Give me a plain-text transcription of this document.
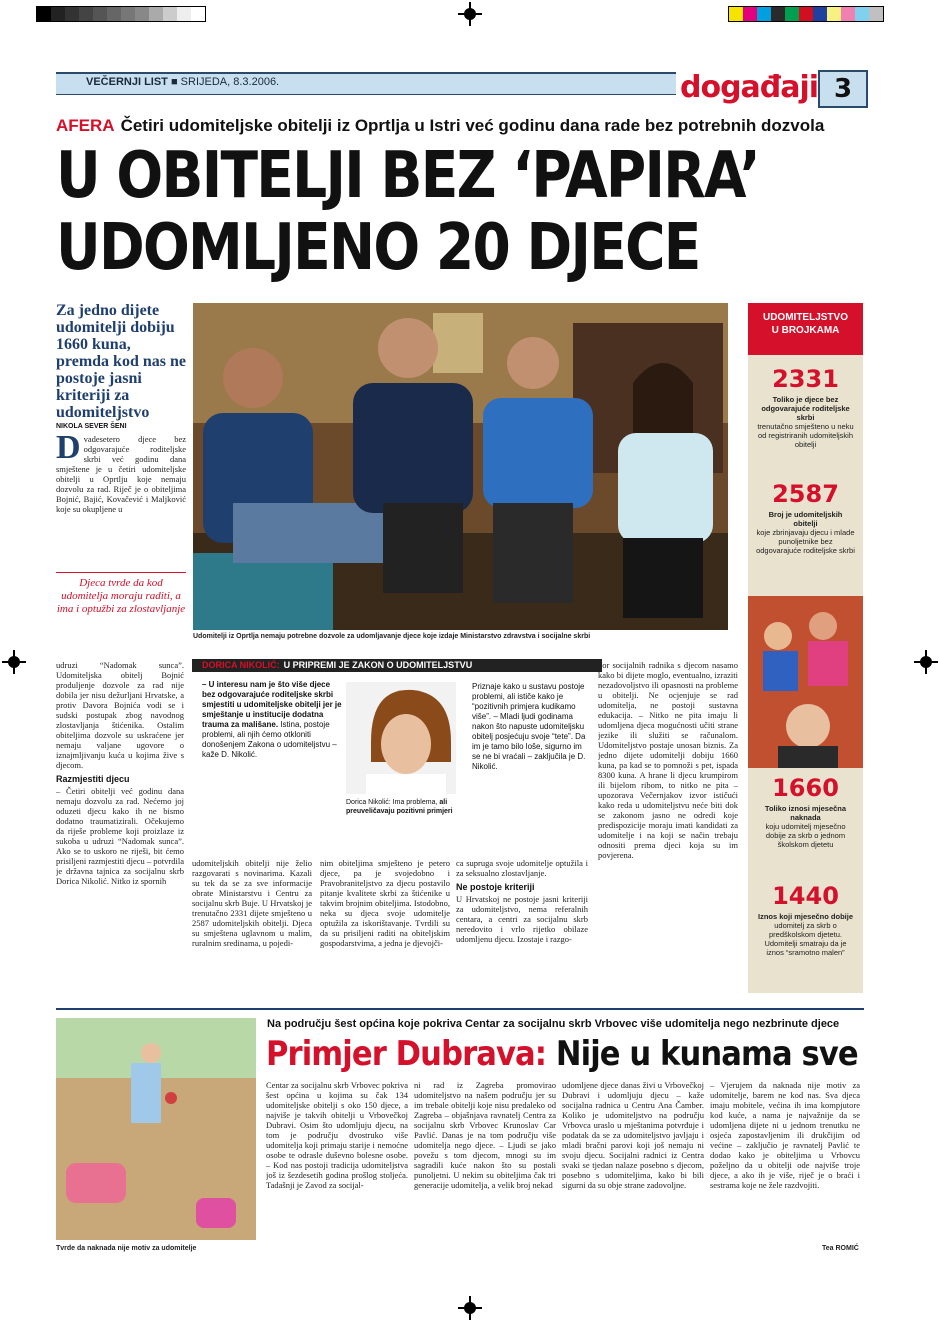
VEČERNJI LIST ■ SRIJEDA, 8.3.2006.	događaji 3
AFERA Četiri udomiteljske obitelji iz Oprtlja u Istri već godinu dana rade bez potrebnih dozvola
U OBITELJI BEZ ‘PAPIRA’
UDOMLJENO 20 DJECE
Za jedno dijete udomitelji dobiju 1660 kuna, premda kod nas ne postoje jasni kriteriji za udomiteljstvo
NIKOLA SEVER ŠENI
Dvadesetero djece bez odgovarajuće roditeljske skrbi već godinu dana smještene je u četiri udomiteljske obitelji u Oprtlju koje nemaju dozvolu za rad. Riječ je o obiteljima Bojnić, Bajić, Kovačević i Maljković koje su okupljene u
Djeca tvrde da kod udomitelja moraju raditi, a ima i optužbi za zlostavljanje
udruzi “Nadomak sunca”. Udomiteljska obitelj Bojnić produljenje dozvole za rad nije dobila jer nisu dežurljani Hrvatske, a protiv Davora Bojnića vodi se i sudski postupak zbog navodnog zlostavljanja štićenika. Ostalim obiteljima dozvole su uskraćene jer nemaju valjane ugovore o iznajmljivanju kuća u kojima žive s djecom.
Razmjestiti djecu
– Četiri obitelji već godinu dana nemaju dozvolu za rad. Nećemo joj oduzeti djecu kako ih ne bismo dodatno traumatizirali. Očekujemo da riješe probleme koji proizlaze iz sukoba u udruzi “Nadomak sunca”. Ako se to uskoro ne riješi, bit ćemo prisiljeni razmjestiti djecu – potvrdila je državna tajnica za socijalnu skrb Dorica Nikolić. Nitko iz spornih
Udomitelji iz Oprtlja nemaju potrebne dozvole za udomljavanje djece koje izdaje Ministarstvo zdravstva i socijalne skrbi
DORICA NIKOLIĆ: U PRIPREMI JE ZAKON O UDOMITELJSTVU
– U interesu nam je što više djece bez odgovarajuće roditeljske skrbi smjestiti u udomiteljske obitelji jer je smještanje u institucije dodatna trauma za mališane. Istina, postoje problemi, ali njih ćemo otkloniti donošenjem Zakona o udomiteljstvu – kaže D. Nikolić.
Dorica Nikolić: Ima problema, ali preuveličavaju pozitivni primjeri
Priznaje kako u sustavu postoje problemi, ali ističe kako je “pozitivnih primjera kudikamo više”. – Mladi ljudi godinama nakon što napuste udomiteljsku obitelj posjećuju svoje “tete”. Da im je tamo bilo loše, sigurno im se ne bi vraćali – zaključila je D. Nikolić.
udomiteljskih obitelji nije želio razgovarati s novinarima. Kazali su tek da se za sve informacije obrate Ministarstvu i Centru za socijalnu skrb Buje. U Hrvatskoj je trenutačno 2331 dijete smješteno u 2587 udomiteljskih obitelji. Djeca su smještena uglavnom u malim, ruralnim sredinama, u pojedi-
nim obiteljima smješteno je petero djece, pa je svojedobno i Pravobraniteljstvo za djecu postavilo pitanje kvalitete skrbi za štićenike u takvim brojnim obiteljima. Istodobno, neka su djeca svoje udomitelje optužila za iskorištavanje. Tvrdili su da su prisiljeni raditi na obiteljskim gospodarstvima, a jedna je djevojči-
ca supruga svoje udomitelje optužila i za seksualno zlostavljanje.
Ne postoje kriteriji
U Hrvatskoj ne postoje jasni kriteriji za udomiteljstvo, nema referalnih centara, a centri za socijalnu skrb neredovito i vrlo rijetko obilaze udomljenu djecu. Izostaje i razgo-
vor socijalnih radnika s djecom nasamo kako bi dijete moglo, eventualno, izraziti nezadovoljstvo ili opasnosti na probleme u obitelji. Ne ocjenjuje se rad udomitelja, ne postoji sustavna edukacija. – Nitko ne pita imaju li udomljena djeca mogućnosti učiti strane jezike ili služiti se računalom. Udomiteljstvo postaje unosan biznis. Za jedno dijete udomitelji dobiju 1660 kuna, pa kad se to pomnoži s pet, ispada 8300 kuna. A hrane li djecu krumpirom ili bijelom ribom, to nitko ne pita – upozorava Večernjakov izvor ističući kako reda u udomiteljstvu neće biti dok se zakonom jasno ne odredi koje predispozicije moraju imati kandidati za udomitelje i na koji se način trebaju odnositi prema djeci koja su im povjerena.
UDOMITELJSTVO U BROJKAMA
2331
Toliko je djece bez odgovarajuće roditeljske skrbi
trenutačno smješteno u neku od registriranih udomiteljskih obitelji
2587
Broj je udomiteljskih obitelji
koje zbrinjavaju djecu i mlade punoljetnike bez odgovarajuće roditeljske skrbi
1660
Toliko iznosi mjesečna naknada
koju udomitelj mjesečno dobije za skrb o jednom školskom djetetu
1440
Iznos koji mjesečno dobije
udomitelj za skrb o predškolskom djetetu. Udomitelji smatraju da je iznos “sramotno malen”
Tvrde da naknada nije motiv za udomitelje
Na području šest općina koje pokriva Centar za socijalnu skrb Vrbovec više udomitelja nego nezbrinute djece
Primjer Dubrava: Nije u kunama sve
Centar za socijalnu skrb Vrbovec pokriva šest općina u kojima su čak 134 udomiteljske obitelji s oko 150 djece, a najviše je takvih obitelji u Vrbovečkoj Dubravi. Osim što udomljuju djecu, na tom je području dvostruko više udomitelja koji primaju starije i nemoćne osobe te odrasle duševno bolesne osobe. – Kod nas postoji tradicija udomiteljstva još iz šezdesetih godina prošlog stoljeća. Tadašnji je Zavod za socijal-
ni rad iz Zagreba promovirao udomiteljstvo na našem području jer su im trebale obitelji koje nisu predaleko od Zagreba – objašnjava ravnatelj Centra za socijalnu skrb Vrbovec Krunoslav Car Pavlić. Danas je na tom području više udomitelja nego djece. – Ljudi se jako povežu s tom djecom, mnogi su im sagradili kuće nakon što su postali punoljetni. U nekim su obiteljima čak tri generacije udomitelja, a velik broj nekad
udomljene djece danas živi u Vrbovečkoj Dubravi i udomljuju djecu – kaže socijalna radnica u Centru Ana Čamber. Koliko je udomiteljstvo na području Vrbovca uraslo u mještanima potvrđuje i podatak da se za udomiteljstvo javljaju i mladi bračni parovi koji još nemaju ni svoju djecu. Socijalni radnici iz Centra svaki se tjedan nalaze posebno s djecom, posebno s udomiteljima, kako bi bili sigurni da su obje strane zadovoljne.
– Vjerujem da naknada nije motiv za udomitelje, barem ne kod nas. Sva djeca imaju mobitele, većina ih ima kompjutore kod kuće, a nama je najvažnije da se udomljena dijete ni u jednom trenutku ne osjeća zapostavljenim ili drukčijim od većine – zaključio je ravnatelj Pavlić te dodao kako je obiteljima u Vrbovcu poželjno da u obitelji ode najviše troje djece, a ako ih je više, riječ je o braći i sestrama koje ne žele razdvojiti.
Tea ROMIĆ
